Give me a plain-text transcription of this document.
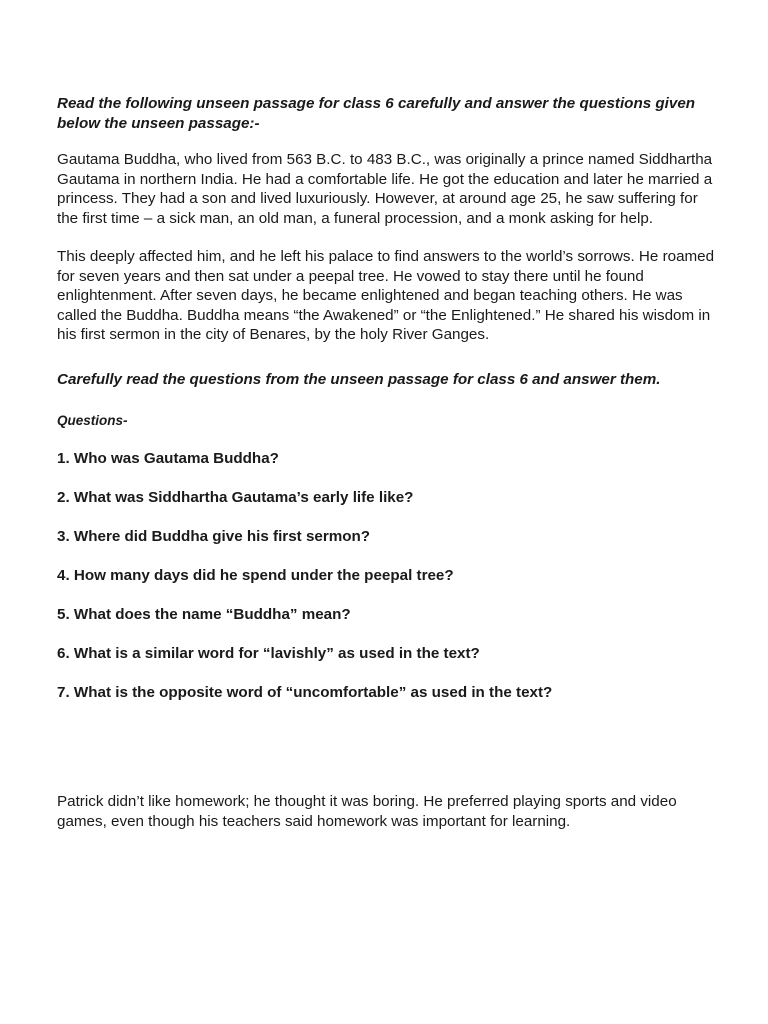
Read the following unseen passage for class 6 carefully and answer the questions given below the unseen passage:-

Gautama Buddha, who lived from 563 B.C. to 483 B.C., was originally a prince named Siddhartha Gautama in northern India. He had a comfortable life. He got the education and later he married a princess. They had a son and lived luxuriously. However, at around age 25, he saw suffering for the first time – a sick man, an old man, a funeral procession, and a monk asking for help.

This deeply affected him, and he left his palace to find answers to the world’s sorrows. He roamed for seven years and then sat under a peepal tree. He vowed to stay there until he found enlightenment. After seven days, he became enlightened and began teaching others. He was called the Buddha. Buddha means “the Awakened” or “the Enlightened.” He shared his wisdom in his first sermon in the city of Benares, by the holy River Ganges.

Carefully read the questions from the unseen passage for class 6 and answer them.

Questions-

1. Who was Gautama Buddha?

2. What was Siddhartha Gautama’s early life like?

3. Where did Buddha give his first sermon?

4. How many days did he spend under the peepal tree?

5. What does the name “Buddha” mean?

6. What is a similar word for “lavishly” as used in the text?

7. What is the opposite word of “uncomfortable” as used in the text?

Patrick didn’t like homework; he thought it was boring. He preferred playing sports and video games, even though his teachers said homework was important for learning.
